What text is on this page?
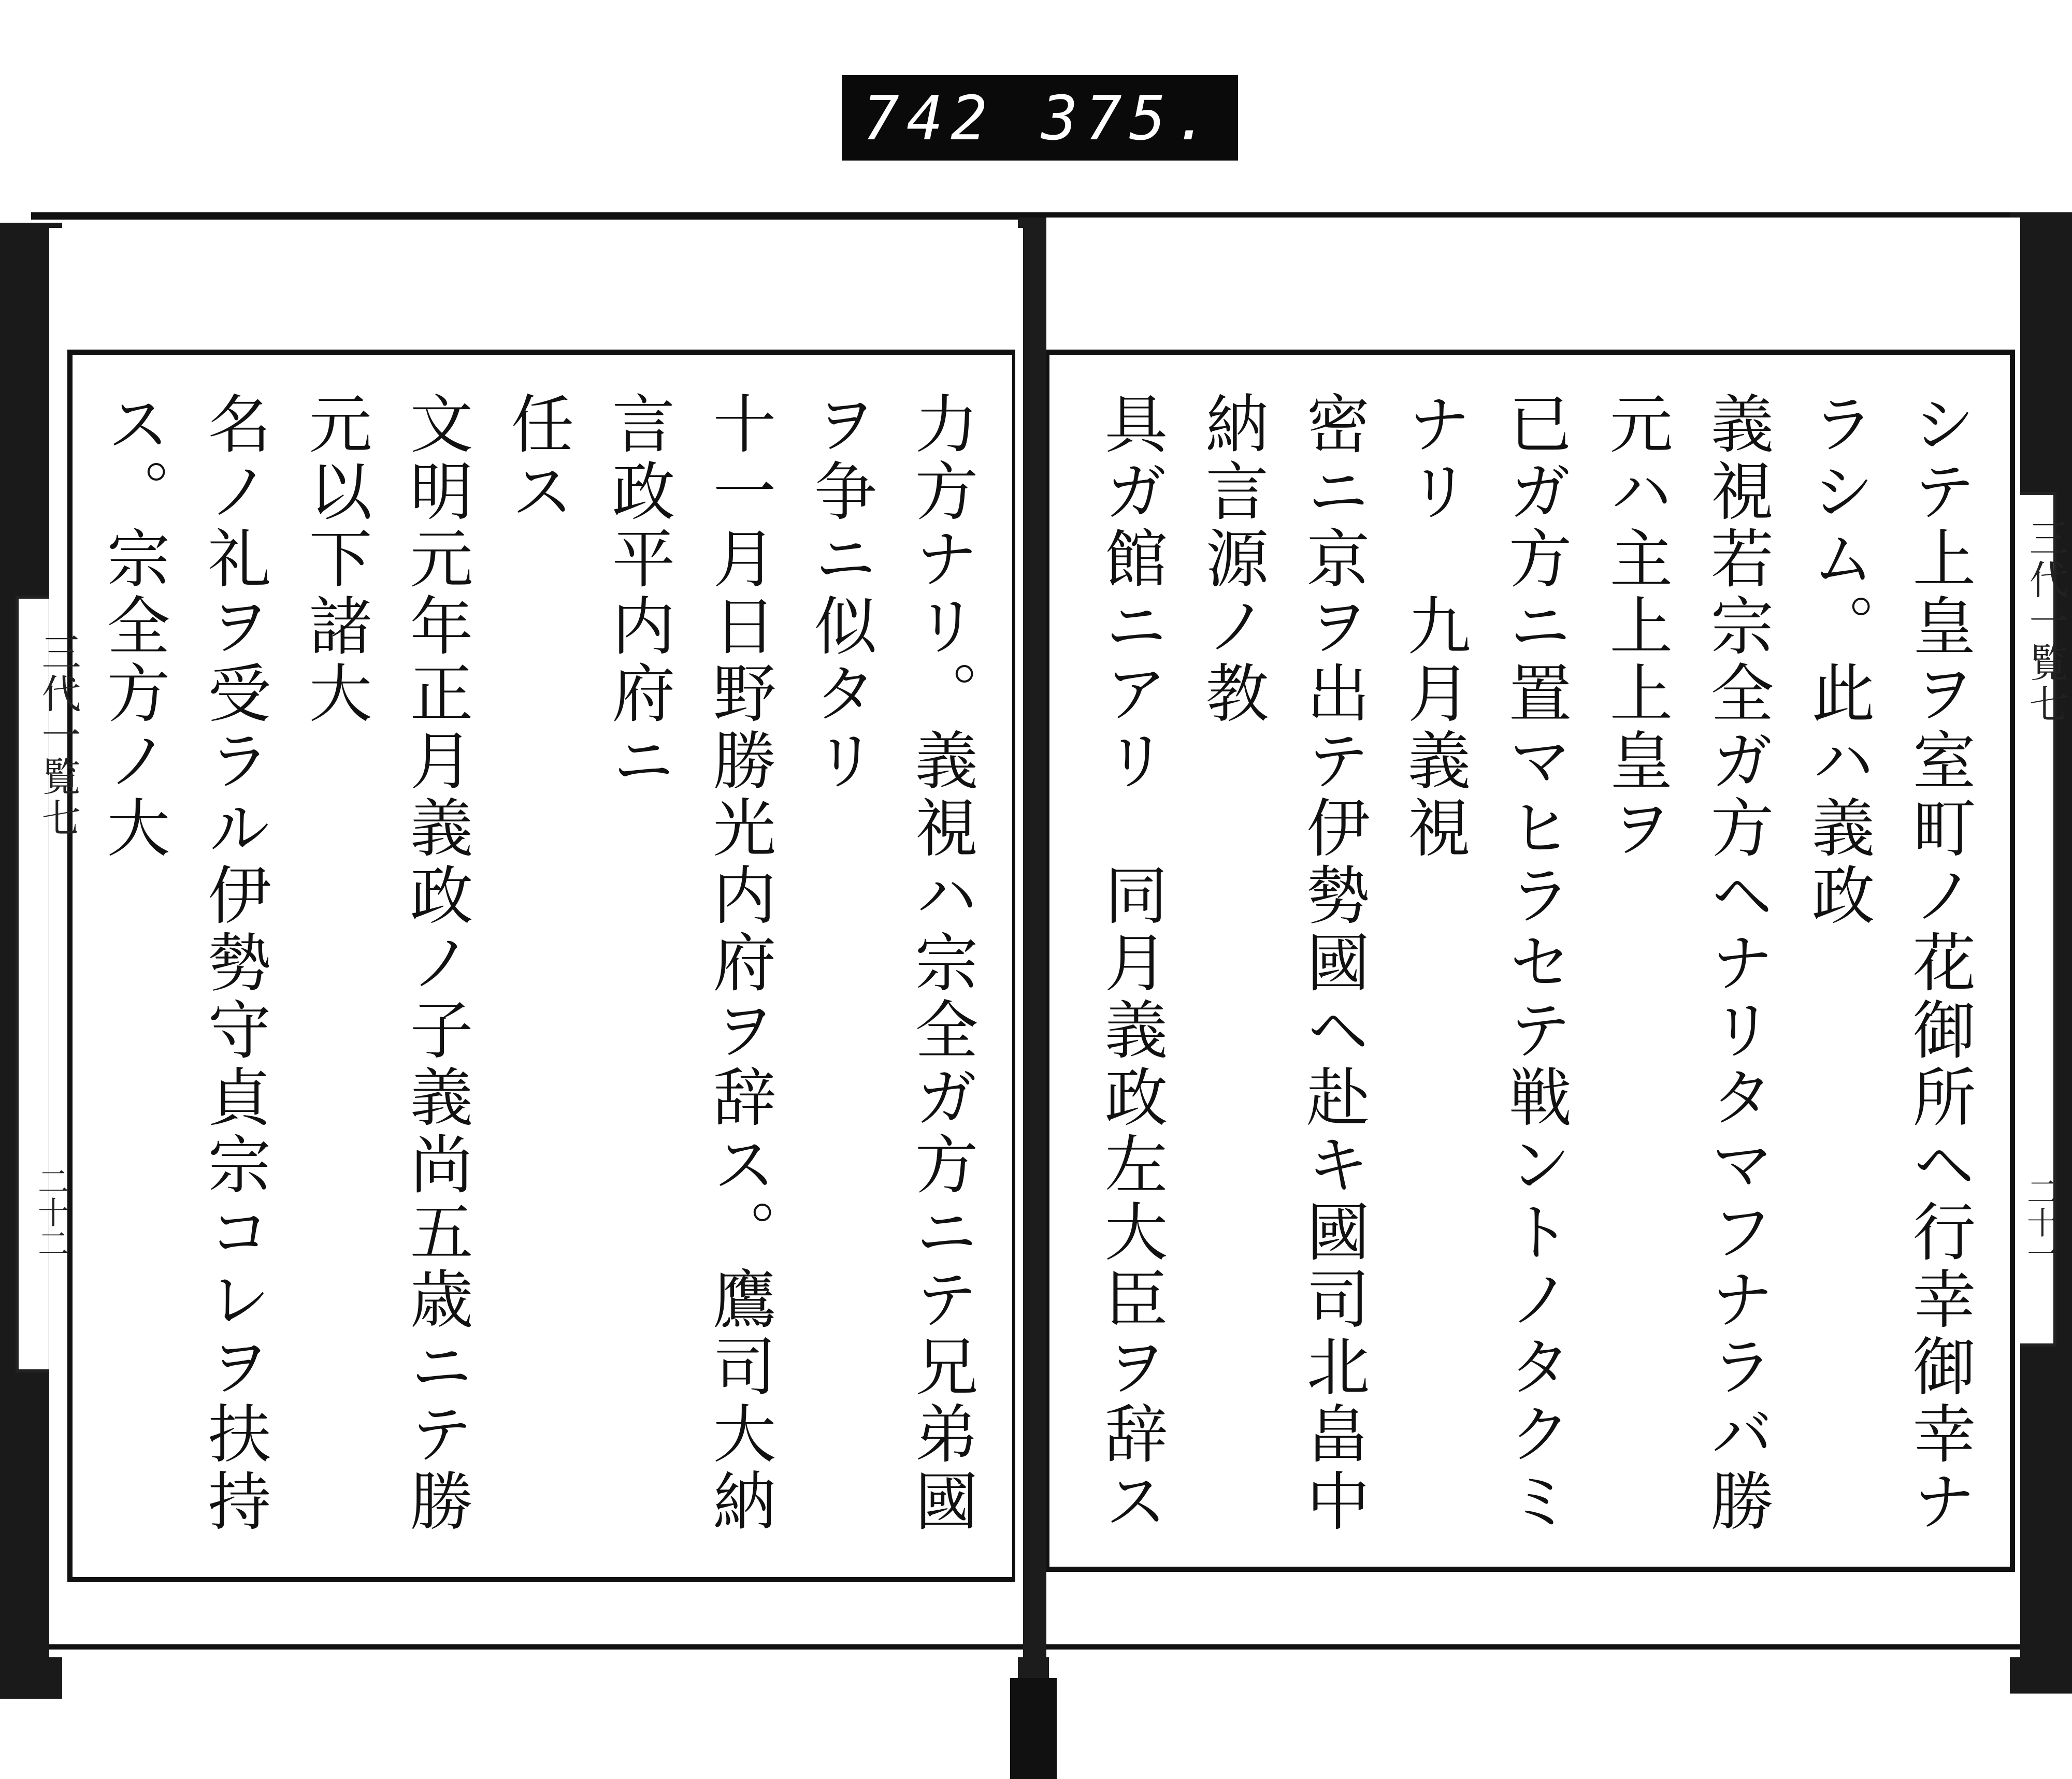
742 375.
力方ナリ。義視ハ宗全ガ方ニテ兄弟國ヲ争ニ似タリ
十一月日野勝光内府ヲ辞ス。鷹司大納言政平内府ニ
任ス
文明元年正月義政ノ子義尚五歳ニテ勝元以下諸大
名ノ礼ヲ受ラル伊勢守貞宗コレヲ扶持ス。宗全方ノ大	シテ上皇ヲ室町ノ花御所ヘ行幸御幸ナラシム。此ハ義政
義視若宗全ガ方ヘナリタマフナラバ勝元ハ主上上皇ヲ
已ガ方ニ置マヒラセテ戦ントノタクミナリ　九月義視
密ニ京ヲ出テ伊勢國ヘ赴キ國司北畠中納言源ノ教
具ガ館ニアリ　同月義政左大臣ヲ辞ス
三代一覧七
二十二
三代一覧七
二十一
